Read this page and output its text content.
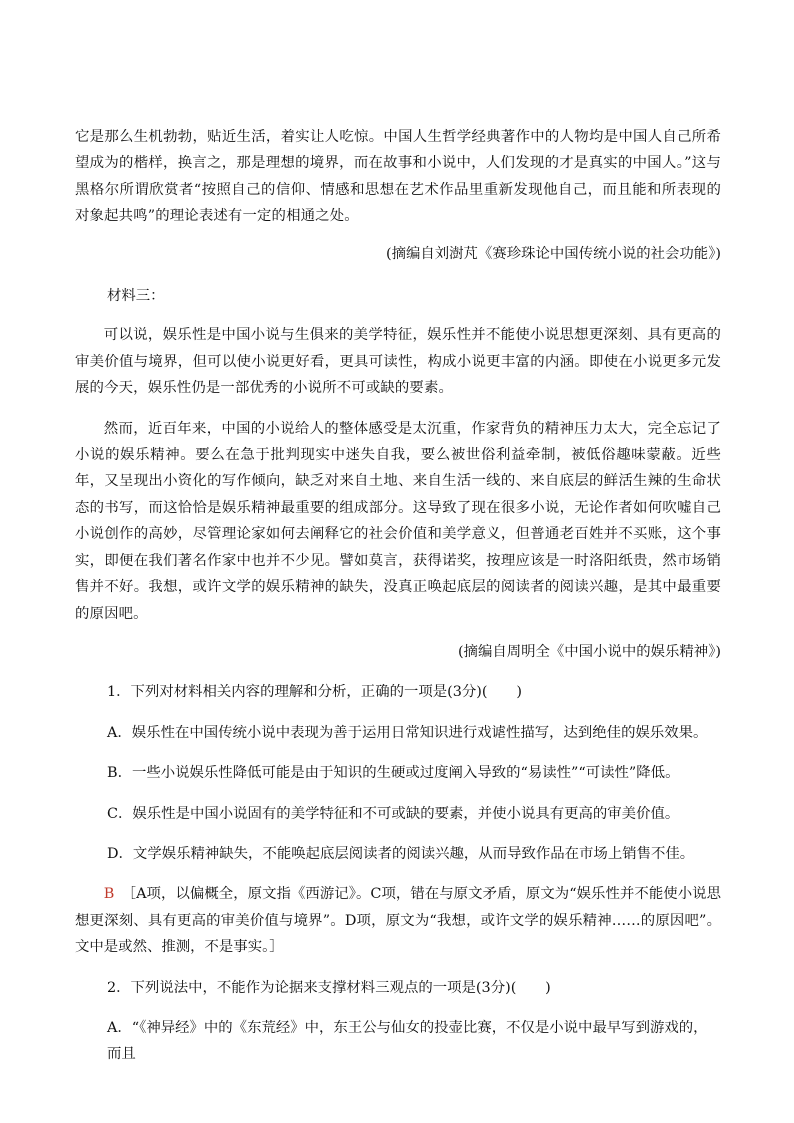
它是那么生机勃勃，贴近生活，着实让人吃惊。中国人生哲学经典著作中的人物均是中国人自己所希望成为的楷样，换言之，那是理想的境界，而在故事和小说中，人们发现的才是真实的中国人。”这与黑格尔所谓欣赏者“按照自己的信仰、情感和思想在艺术作品里重新发现他自己，而且能和所表现的对象起共鸣”的理论表述有一定的相通之处。

(摘编自刘澍芃《赛珍珠论中国传统小说的社会功能》)

材料三：

可以说，娱乐性是中国小说与生俱来的美学特征，娱乐性并不能使小说思想更深刻、具有更高的审美价值与境界，但可以使小说更好看，更具可读性，构成小说更丰富的内涵。即使在小说更多元发展的今天，娱乐性仍是一部优秀的小说所不可或缺的要素。

然而，近百年来，中国的小说给人的整体感受是太沉重，作家背负的精神压力太大，完全忘记了小说的娱乐精神。要么在急于批判现实中迷失自我，要么被世俗利益牵制，被低俗趣味蒙蔽。近些年，又呈现出小资化的写作倾向，缺乏对来自土地、来自生活一线的、来自底层的鲜活生辣的生命状态的书写，而这恰恰是娱乐精神最重要的组成部分。这导致了现在很多小说，无论作者如何吹嘘自己小说创作的高妙，尽管理论家如何去阐释它的社会价值和美学意义，但普通老百姓并不买账，这个事实，即便在我们著名作家中也并不少见。譬如莫言，获得诺奖，按理应该是一时洛阳纸贵，然市场销售并不好。我想，或许文学的娱乐精神的缺失，没真正唤起底层的阅读者的阅读兴趣，是其中最重要的原因吧。

(摘编自周明全《中国小说中的娱乐精神》)

1．下列对材料相关内容的理解和分析，正确的一项是(3分)(　　)

A．娱乐性在中国传统小说中表现为善于运用日常知识进行戏谑性描写，达到绝佳的娱乐效果。

B．一些小说娱乐性降低可能是由于知识的生硬或过度阐入导致的“易读性”“可读性”降低。

C．娱乐性是中国小说固有的美学特征和不可或缺的要素，并使小说具有更高的审美价值。

D．文学娱乐精神缺失，不能唤起底层阅读者的阅读兴趣，从而导致作品在市场上销售不佳。

B　 ［A项，以偏概全，原文指《西游记》。C项，错在与原文矛盾，原文为“娱乐性并不能使小说思想更深刻、具有更高的审美价值与境界”。D项，原文为“我想，或许文学的娱乐精神……的原因吧”。文中是或然、推测，不是事实。］

2．下列说法中，不能作为论据来支撑材料三观点的一项是(3分)(　　)

A．“《神异经》中的《东荒经》中，东王公与仙女的投壶比赛，不仅是小说中最早写到游戏的，而且
